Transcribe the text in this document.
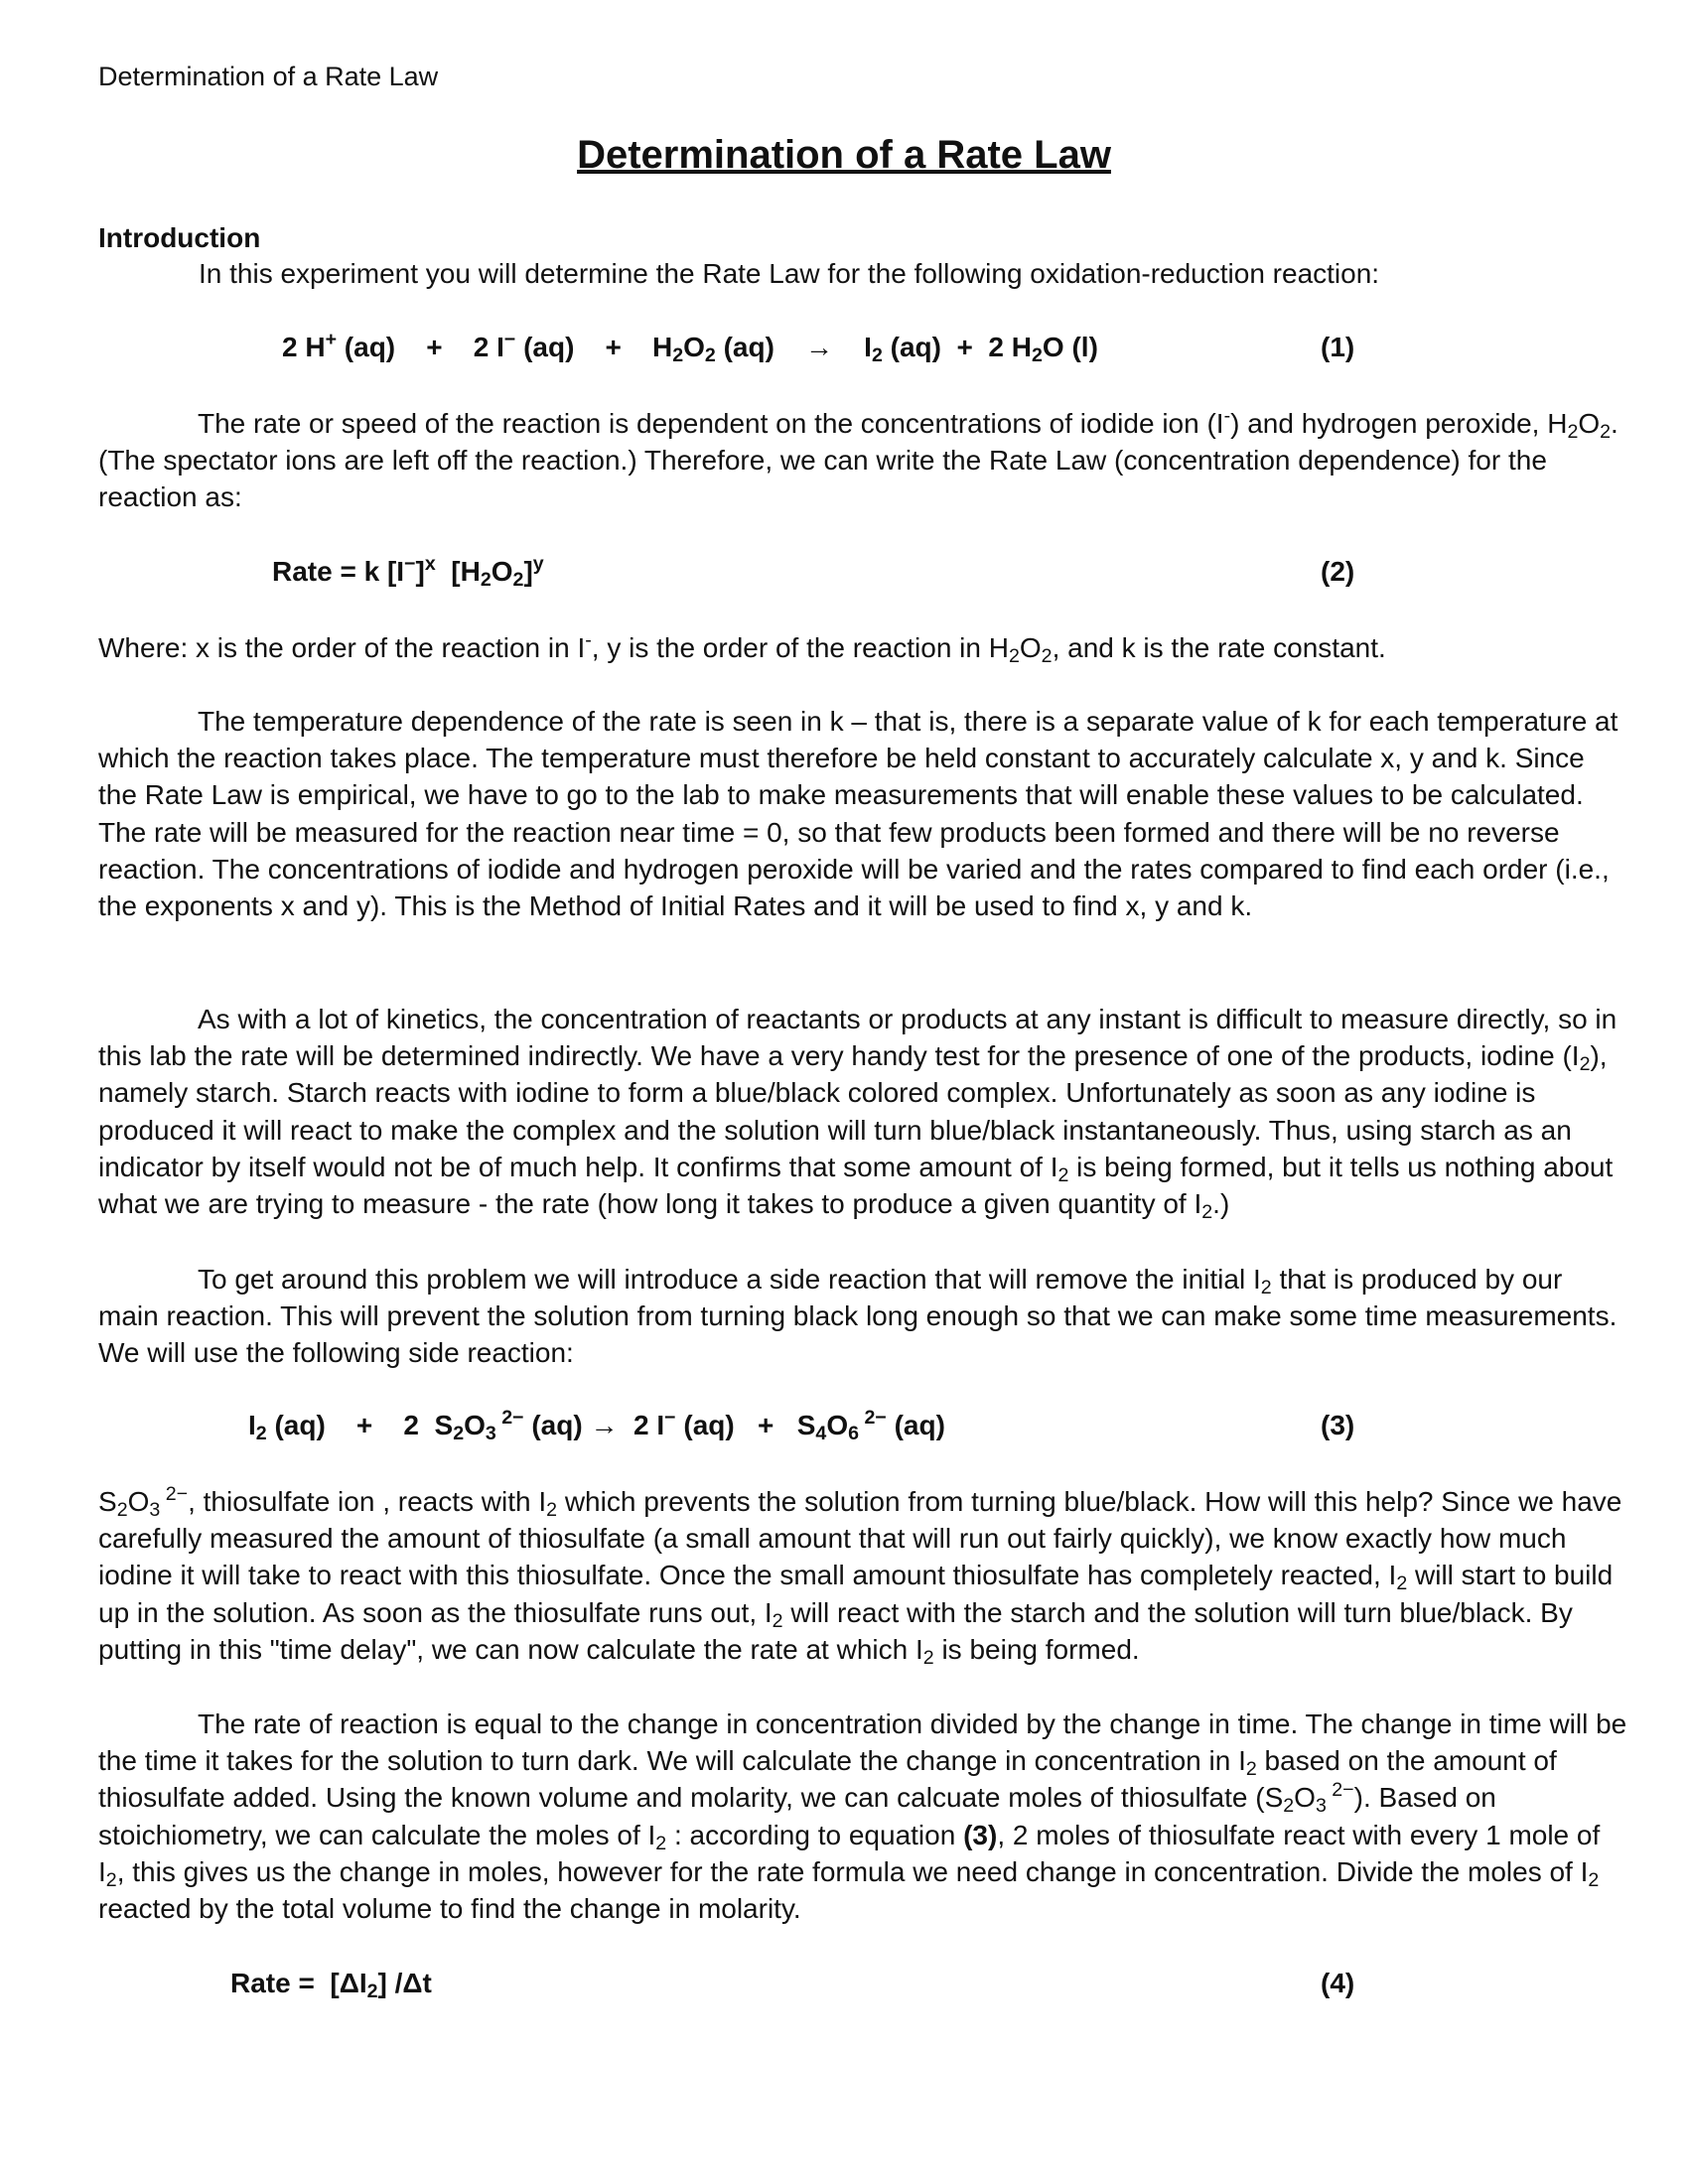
Determination of a Rate Law
Determination of a Rate Law
Introduction
In this experiment you will determine the Rate Law for the following oxidation-reduction reaction:
2 H+ (aq)    +    2 I− (aq)    +    $H_2O_2$ (aq)    →    $I_2$ (aq)  +  2 $H_2O$ (l)	(1)

The rate or speed of the reaction is dependent on the concentrations of iodide ion (I-) and hydrogen peroxide, $H_2O_2$. (The spectator ions are left off the reaction.) Therefore, we can write the Rate Law (concentration dependence) for the reaction as:

Rate = k $[I^-]^x$  $[H_2O_2]^y$	(2)

Where: x is the order of the reaction in I-, y is the order of the reaction in $H_2O_2$, and k is the rate constant.

The temperature dependence of the rate is seen in k – that is, there is a separate value of k for each temperature at which the reaction takes place. The temperature must therefore be held constant to accurately calculate x, y and k. Since the Rate Law is empirical, we have to go to the lab to make measurements that will enable these values to be calculated. The rate will be measured for the reaction near time = 0, so that few products been formed and there will be no reverse reaction. The concentrations of iodide and hydrogen peroxide will be varied and the rates compared to find each order (i.e., the exponents x and y). This is the Method of Initial Rates and it will be used to find x, y and k.

As with a lot of kinetics, the concentration of reactants or products at any instant is difficult to measure directly, so in this lab the rate will be determined indirectly. We have a very handy test for the presence of one of the products, iodine $(I_2)$, namely starch. Starch reacts with iodine to form a blue/black colored complex. Unfortunately as soon as any iodine is produced it will react to make the complex and the solution will turn blue/black instantaneously. Thus, using starch as an indicator by itself would not be of much help. It confirms that some amount of $I_2$ is being formed, but it tells us nothing about what we are trying to measure - the rate (how long it takes to produce a given quantity of $I_2$.)

To get around this problem we will introduce a side reaction that will remove the initial $I_2$ that is produced by our main reaction. This will prevent the solution from turning black long enough so that we can make some time measurements. We will use the following side reaction:

$I_2$ (aq)    +    2  $S_2O_3$ $^{2-}$ (aq) →  2 I− $(aq) + S_4O_6$ $^{2-}$ (aq)	(3)

$S_2O_3$ $^{2-}$, thiosulfate ion , reacts with $I_2$ which prevents the solution from turning blue/black. How will this help? Since we have carefully measured the amount of thiosulfate (a small amount that will run out fairly quickly), we know exactly how much iodine it will take to react with this thiosulfate. Once the small amount thiosulfate has completely reacted, $I_2$ will start to build up in the solution. As soon as the thiosulfate runs out, $I_2$ will react with the starch and the solution will turn blue/black. By putting in this "time delay", we can now calculate the rate at which $I_2$ is being formed.

The rate of reaction is equal to the change in concentration divided by the change in time. The change in time will be the time it takes for the solution to turn dark. We will calculate the change in concentration in $I_2$ based on the amount of thiosulfate added. Using the known volume and molarity, we can calcuate moles of thiosulfate ($S_2O_3$ $^{2-}$). Based on stoichiometry, we can calculate the moles of $I_2$ : according to equation (3), 2 moles of thiosulfate react with every 1 mole of $I_2$, this gives us the change in moles, however for the rate formula we need change in concentration. Divide the moles of $I_2$ reacted by the total volume to find the change in molarity.

Rate =  $[\Delta I_2]$ /Δt	(4)
